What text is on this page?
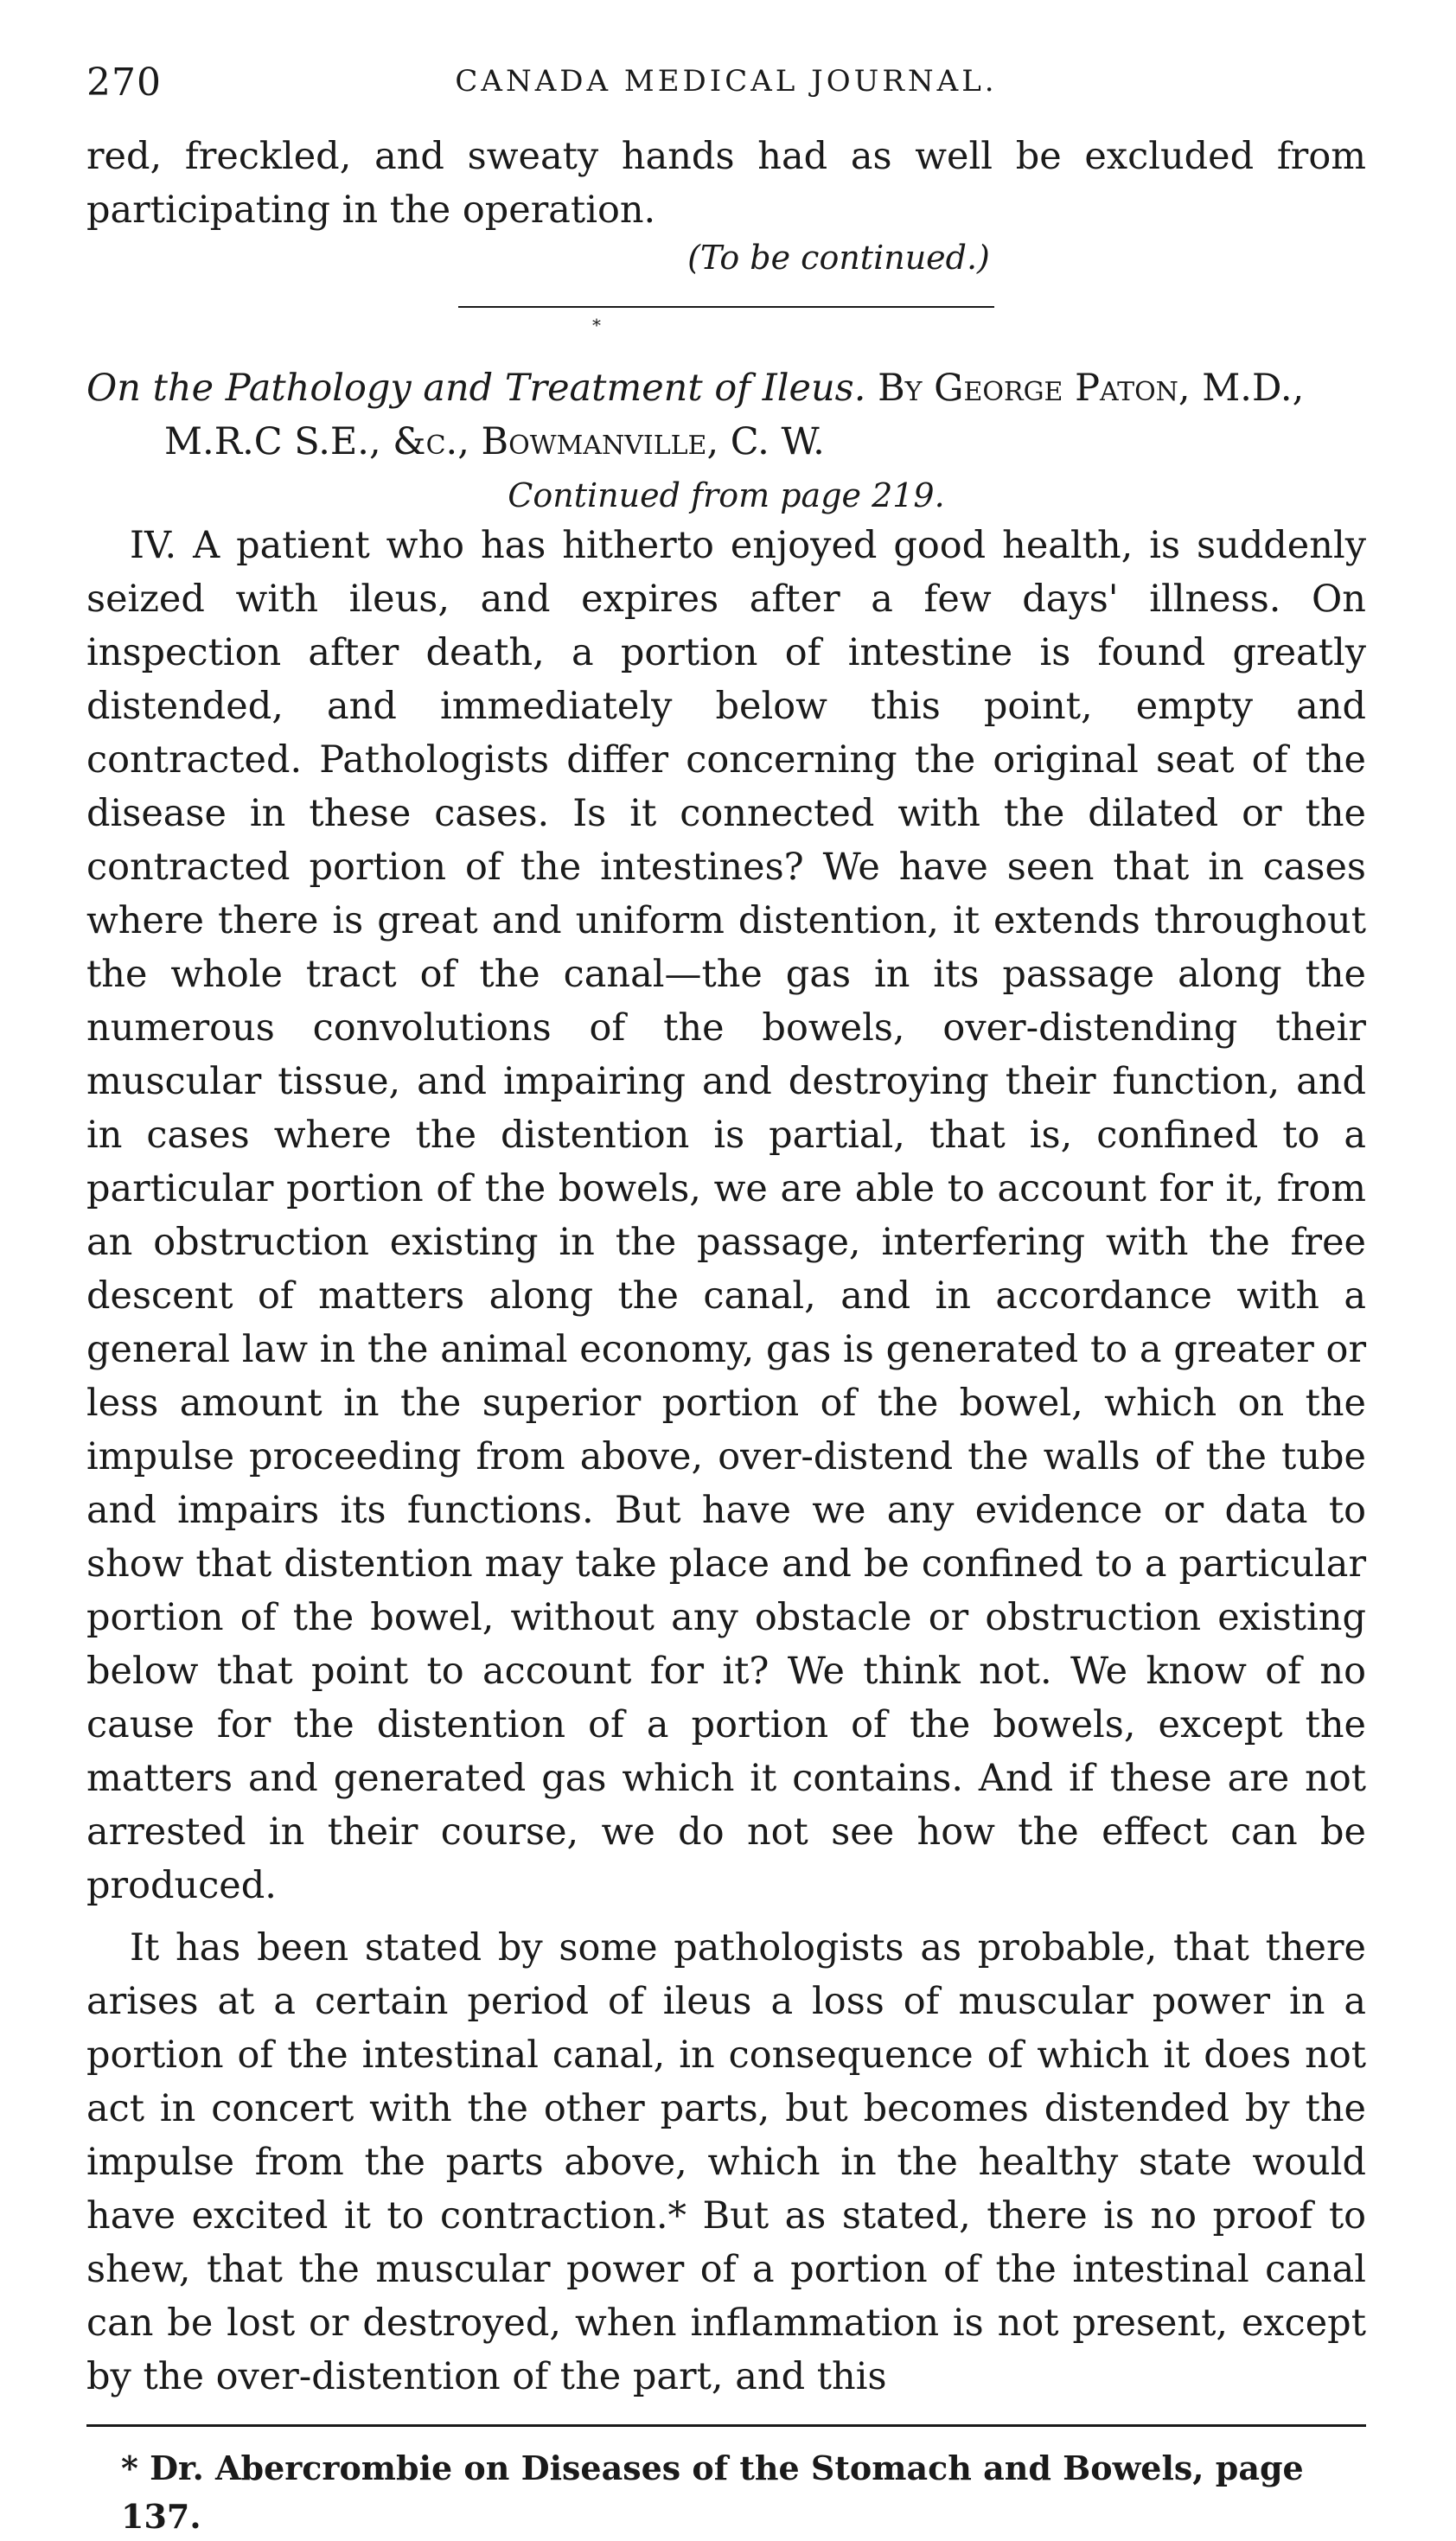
270	CANADA MEDICAL JOURNAL.

red, freckled, and sweaty hands had as well be excluded from participating in the operation.

(To be continued.)
*

On the Pathology and Treatment of Ileus. By George Paton, M.D., M.R.C S.E., &c., Bowmanville, C. W.

Continued from page 219.

IV. A patient who has hitherto enjoyed good health, is suddenly seized with ileus, and expires after a few days' illness. On inspection after death, a portion of intestine is found greatly distended, and immediately below this point, empty and contracted. Pathologists differ concerning the original seat of the disease in these cases. Is it connected with the dilated or the contracted portion of the intestines? We have seen that in cases where there is great and uniform distention, it extends throughout the whole tract of the canal—the gas in its passage along the numerous convolutions of the bowels, over-distending their muscular tissue, and impairing and destroying their function, and in cases where the distention is partial, that is, confined to a particular portion of the bowels, we are able to account for it, from an obstruction existing in the passage, interfering with the free descent of matters along the canal, and in accordance with a general law in the animal economy, gas is generated to a greater or less amount in the superior portion of the bowel, which on the impulse proceeding from above, over-distend the walls of the tube and impairs its functions. But have we any evidence or data to show that distention may take place and be confined to a particular portion of the bowel, without any obstacle or obstruction existing below that point to account for it? We think not. We know of no cause for the distention of a portion of the bowels, except the matters and generated gas which it contains. And if these are not arrested in their course, we do not see how the effect can be produced.

It has been stated by some pathologists as probable, that there arises at a certain period of ileus a loss of muscular power in a portion of the intestinal canal, in consequence of which it does not act in concert with the other parts, but becomes distended by the impulse from the parts above, which in the healthy state would have excited it to contraction.* But as stated, there is no proof to shew, that the muscular power of a portion of the intestinal canal can be lost or destroyed, when inflammation is not present, except by the over-distention of the part, and this

* Dr. Abercrombie on Diseases of the Stomach and Bowels, page 137.
